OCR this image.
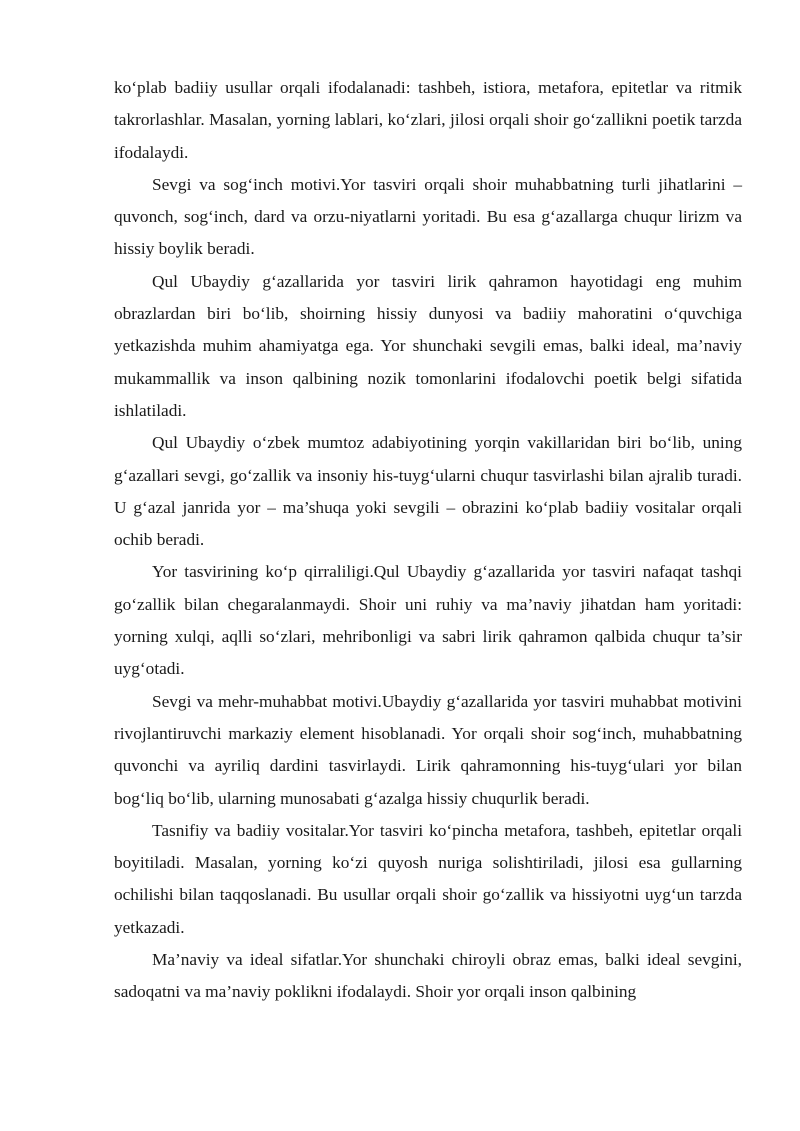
ko‘plab badiiy usullar orqali ifodalanadi: tashbeh, istiora, metafora, epitetlar va ritmik takrorlashlar. Masalan, yorning lablari, ko‘zlari, jilosi orqali shoir go‘zallikni poetik tarzda ifodalaydi.

Sevgi va sog‘inch motivi.Yor tasviri orqali shoir muhabbatning turli jihatlarini – quvonch, sog‘inch, dard va orzu-niyatlarni yoritadi. Bu esa g‘azallarga chuqur lirizm va hissiy boylik beradi.

Qul Ubaydiy g‘azallarida yor tasviri lirik qahramon hayotidagi eng muhim obrazlardan biri bo‘lib, shoirning hissiy dunyosi va badiiy mahoratini o‘quvchiga yetkazishda muhim ahamiyatga ega. Yor shunchaki sevgili emas, balki ideal, ma’naviy mukammallik va inson qalbining nozik tomonlarini ifodalovchi poetik belgi sifatida ishlatiladi.

Qul Ubaydiy o‘zbek mumtoz adabiyotining yorqin vakillaridan biri bo‘lib, uning g‘azallari sevgi, go‘zallik va insoniy his-tuyg‘ularni chuqur tasvirlashi bilan ajralib turadi. U g‘azal janrida yor – ma’shuqa yoki sevgili – obrazini ko‘plab badiiy vositalar orqali ochib beradi.

Yor tasvirining ko‘p qirraliligi.Qul Ubaydiy g‘azallarida yor tasviri nafaqat tashqi go‘zallik bilan chegaralanmaydi. Shoir uni ruhiy va ma’naviy jihatdan ham yoritadi: yorning xulqi, aqlli so‘zlari, mehribonligi va sabri lirik qahramon qalbida chuqur ta’sir uyg‘otadi.

Sevgi va mehr-muhabbat motivi.Ubaydiy g‘azallarida yor tasviri muhabbat motivini rivojlantiruvchi markaziy element hisoblanadi. Yor orqali shoir sog‘inch, muhabbatning quvonchi va ayriliq dardini tasvirlaydi. Lirik qahramonning his-tuyg‘ulari yor bilan bog‘liq bo‘lib, ularning munosabati g‘azalga hissiy chuqurlik beradi.

Tasnifiy va badiiy vositalar.Yor tasviri ko‘pincha metafora, tashbeh, epitetlar orqali boyitiladi. Masalan, yorning ko‘zi quyosh nuriga solishtiriladi, jilosi esa gullarning ochilishi bilan taqqoslanadi. Bu usullar orqali shoir go‘zallik va hissiyotni uyg‘un tarzda yetkazadi.

Ma’naviy va ideal sifatlar.Yor shunchaki chiroyli obraz emas, balki ideal sevgini, sadoqatni va ma’naviy poklikni ifodalaydi. Shoir yor orqali inson qalbining
